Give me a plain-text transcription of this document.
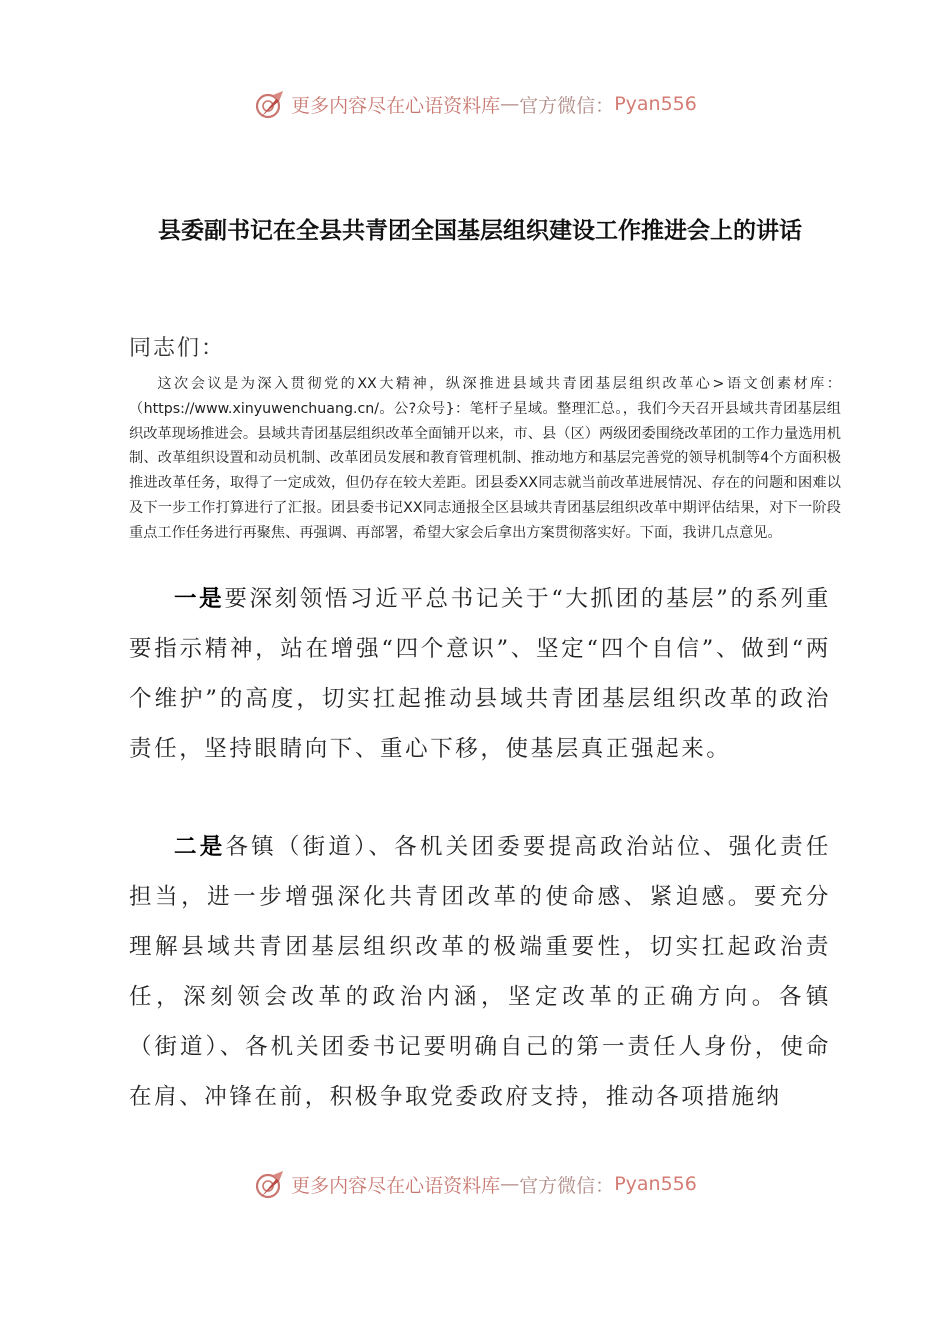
更多内容尽在心语资料库 — 官方微信： Pyan556
县委副书记在全县共青团全国基层组织建设工作推进会上的讲话
同志们：

这次会议是为深入贯彻党的XX大精神，纵深推进县域共青团基层组织改革心>语文创素材库：（https://www.xinyuwenchuang.cn/。公?众号}：笔杆子星域。整理汇总。，我们今天召开县域共青团基层组织改革现场推进会。县域共青团基层组织改革全面铺开以来，市、县（区）两级团委围绕改革团的工作力量选用机制、改革组织设置和动员机制、改革团员发展和教育管理机制、推动地方和基层完善党的领导机制等4个方面积极推进改革任务，取得了一定成效，但仍存在较大差距。团县委XX同志就当前改革进展情况、存在的问题和困难以及下一步工作打算进行了汇报。团县委书记XX同志通报全区县域共青团基层组织改革中期评估结果，对下一阶段重点工作任务进行再聚焦、再强调、再部署，希望大家会后拿出方案贯彻落实好。下面，我讲几点意见。

一是要深刻领悟习近平总书记关于“大抓团的基层”的系列重要指示精神，站在增强“四个意识”、坚定“四个自信”、做到“两个维护”的高度，切实扛起推动县域共青团基层组织改革的政治责任，坚持眼睛向下、重心下移，使基层真正强起来。

二是各镇（街道）、各机关团委要提高政治站位、强化责任担当，进一步增强深化共青团改革的使命感、紧迫感。要充分理解县域共青团基层组织改革的极端重要性，切实扛起政治责任，深刻领会改革的政治内涵，坚定改革的正确方向。各镇（街道）、各机关团委书记要明确自己的第一责任人身份，使命在肩、冲锋在前，积极争取党委政府支持，推动各项措施纳

更多内容尽在心语资料库 — 官方微信： Pyan556
